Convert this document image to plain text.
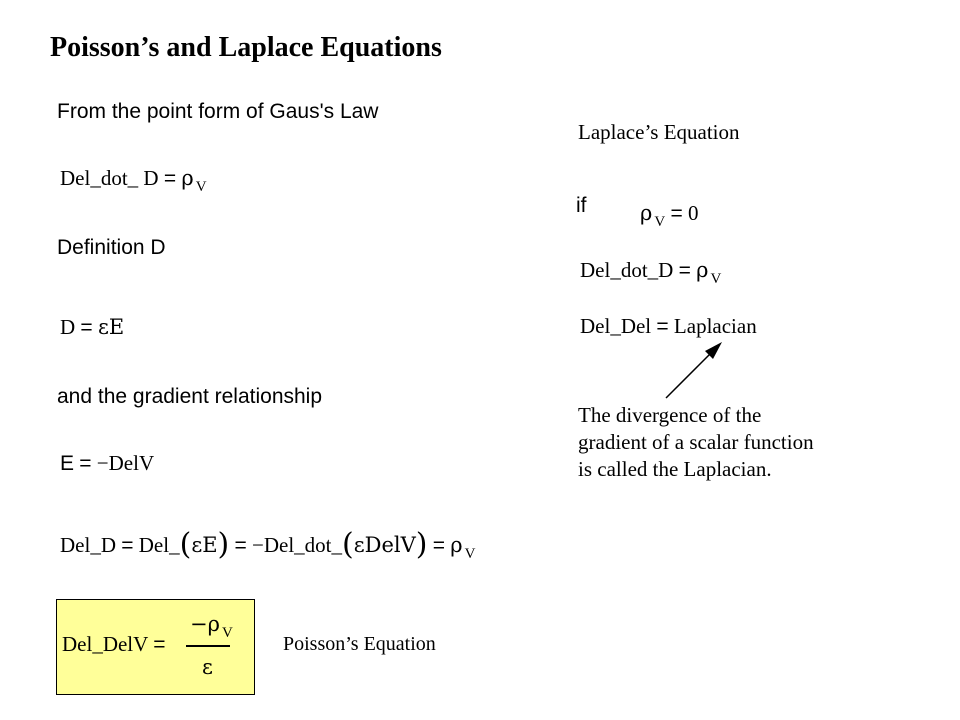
Poisson’s and Laplace Equations
From the point form of Gaus's Law
Del_dot_ D = ρ $_V$
Definition D
D = εE
and the gradient relationship
E = −DelV
Del_D = Del_(εE) = −Del_dot_(εDelV) = ρ $_V$
Del_DelV =
−ρ $_V$
ε
Poisson’s Equation
Laplace’s Equation
if	ρ $_V$ = 0
Del_dot_D = ρ $_V$
Del_Del = Laplacian
The divergence of the
gradient of a scalar function
is called the Laplacian.
